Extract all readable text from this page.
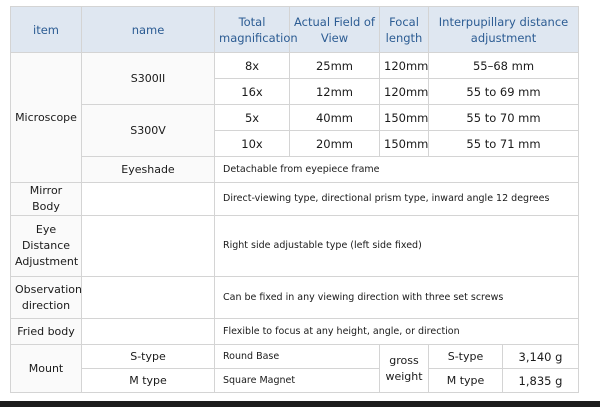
item	name	Total magnification	Actual Field of View	Focal length	Interpupillary distance adjustment	
Microscope	S300II	8x	25mm	120mm	55–68 mm	
		16x	12mm	120mm	55 to 69 mm	
	S300V	5x	40mm	150mm	55 to 70 mm	
		10x	20mm	150mm	55 to 71 mm	
	Eyeshade	Detachable from eyepiece frame				
Mirror Body		Direct-viewing type, directional prism type, inward angle 12 degrees				
Eye Distance Adjustment		Right side adjustable type (left side fixed)				
Observation direction		Can be fixed in any viewing direction with three set screws				
Fried body		Flexible to focus at any height, angle, or direction				
Mount	S-type	Round Base		gross weight	S-type	3,140 g
	M type	Square Magnet			M type	1,835 g
